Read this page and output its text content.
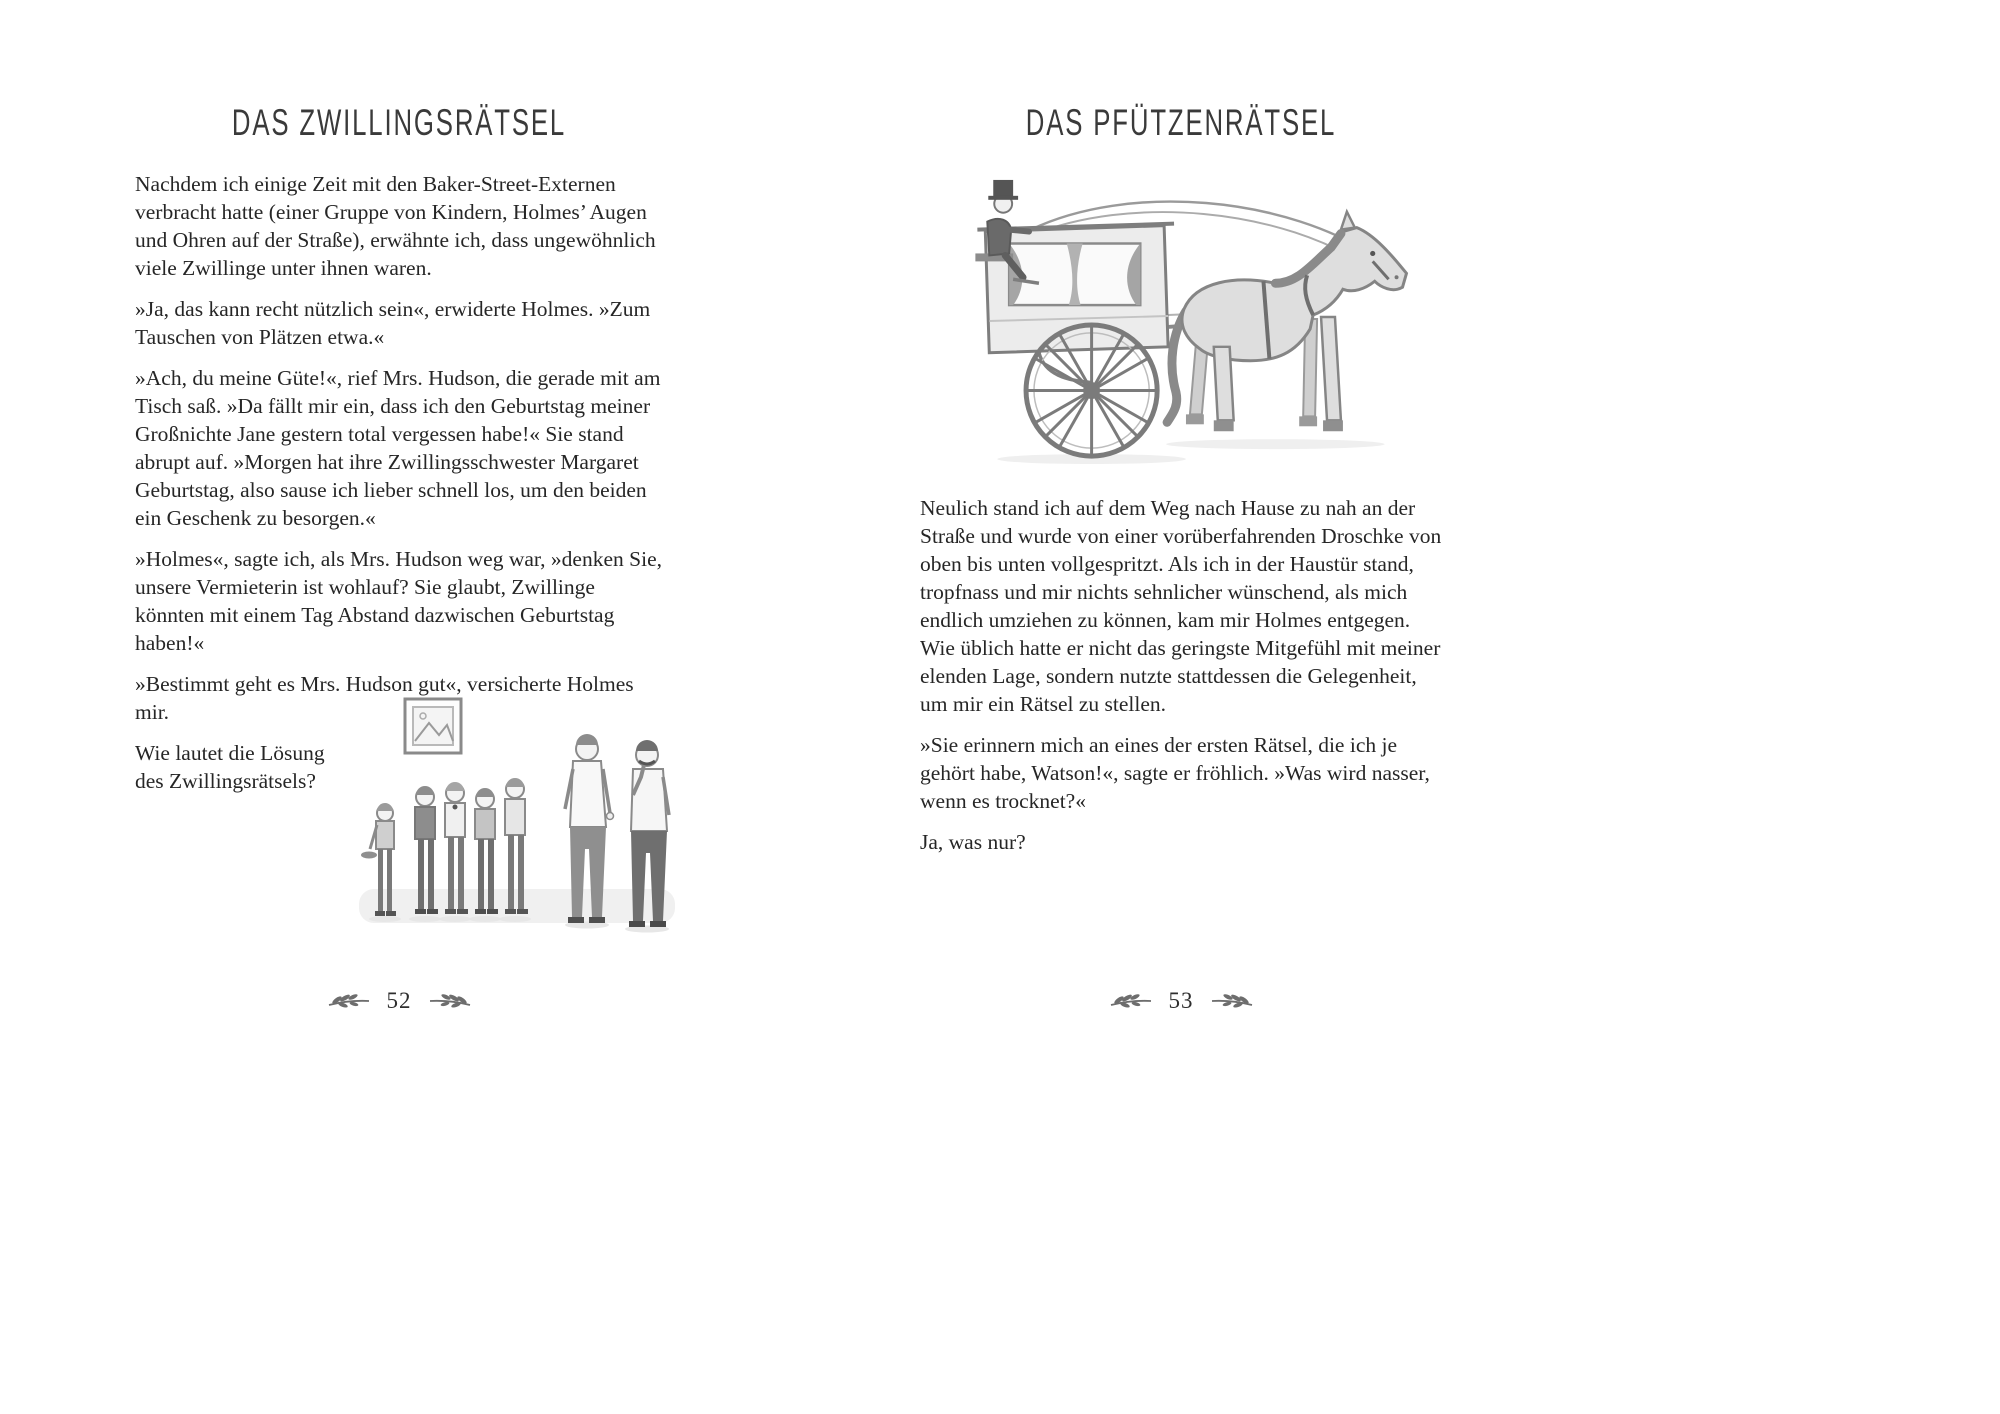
DAS ZWILLINGSRÄTSEL

Nachdem ich einige Zeit mit den Baker-Street-Externen verbracht hatte (einer Gruppe von Kindern, Holmes’ Augen und Ohren auf der Straße), erwähnte ich, dass ungewöhnlich viele Zwillinge unter ihnen waren.

»Ja, das kann recht nützlich sein«, erwiderte Holmes. »Zum Tauschen von Plätzen etwa.«

»Ach, du meine Güte!«, rief Mrs. Hudson, die gerade mit am Tisch saß. »Da fällt mir ein, dass ich den Geburtstag meiner Großnichte Jane gestern total vergessen habe!« Sie stand abrupt auf. »Morgen hat ihre Zwillingsschwester Margaret Geburtstag, also sause ich lieber schnell los, um den beiden ein Geschenk zu besorgen.«

»Holmes«, sagte ich, als Mrs. Hudson weg war, »denken Sie, unsere Vermieterin ist wohlauf? Sie glaubt, Zwillinge könnten mit einem Tag Abstand dazwischen Geburtstag haben!«

»Bestimmt geht es Mrs. Hudson gut«, versicherte Holmes mir.

Wie lautet die Lösung des Zwillingsrätsels?

DAS PFÜTZENRÄTSEL

Neulich stand ich auf dem Weg nach Hause zu nah an der Straße und wurde von einer vorüberfahrenden Droschke von oben bis unten vollgespritzt. Als ich in der Haustür stand, tropfnass und mir nichts sehnlicher wünschend, als mich endlich umziehen zu können, kam mir Holmes entgegen. Wie üblich hatte er nicht das geringste Mitgefühl mit meiner elenden Lage, sondern nutzte stattdessen die Gelegenheit, um mir ein Rätsel zu stellen.

»Sie erinnern mich an eines der ersten Rätsel, die ich je gehört habe, Watson!«, sagte er fröhlich. »Was wird nasser, wenn es trocknet?«

Ja, was nur?

52	53
